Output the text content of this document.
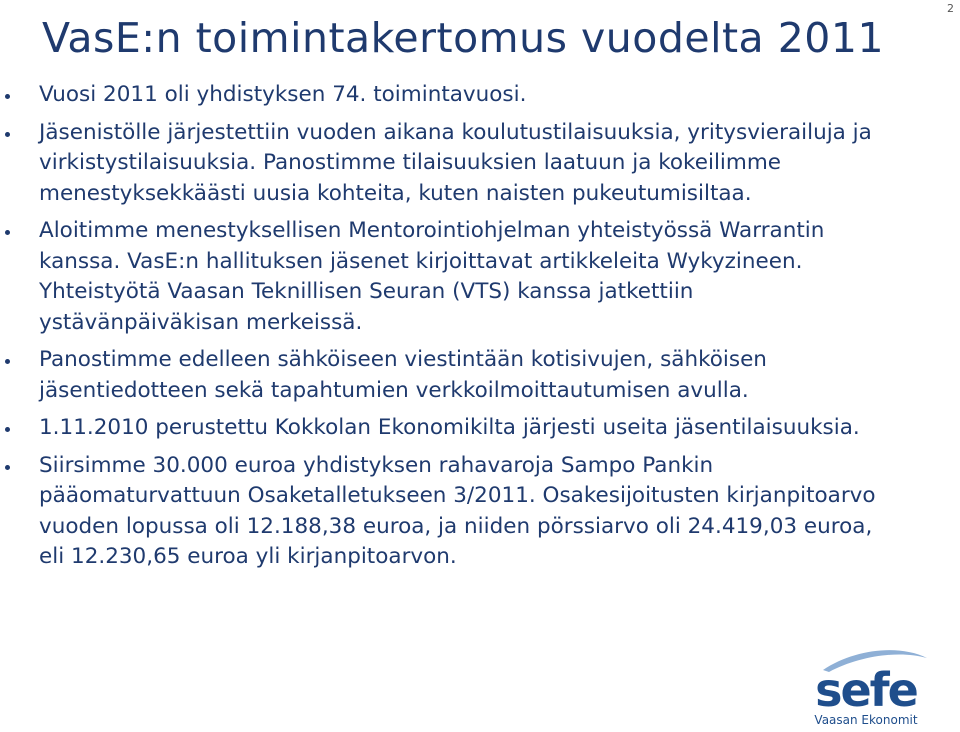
2
VasE:n toimintakertomus vuodelta 2011
Vuosi 2011 oli yhdistyksen 74. toimintavuosi.
Jäsenistölle järjestettiin vuoden aikana koulutustilaisuuksia, yritysvierailuja ja virkistystilaisuuksia. Panostimme tilaisuuksien laatuun ja kokeilimme menestyksekkäästi uusia kohteita, kuten naisten pukeutumisiltaa.
Aloitimme menestyksellisen Mentorointiohjelman yhteistyössä Warrantin kanssa. VasE:n hallituksen jäsenet kirjoittavat artikkeleita Wykyzineen. Yhteistyötä Vaasan Teknillisen Seuran (VTS) kanssa jatkettiin ystävänpäiväkisan merkeissä.
Panostimme edelleen sähköiseen viestintään kotisivujen, sähköisen jäsentiedotteen sekä tapahtumien verkkoilmoittautumisen avulla.
1.11.2010 perustettu Kokkolan Ekonomikilta järjesti useita jäsentilaisuuksia.
Siirsimme 30.000 euroa yhdistyksen rahavaroja Sampo Pankin pääomaturvattuun Osaketalletukseen 3/2011. Osakesijoitusten kirjanpitoarvo vuoden lopussa oli 12.188,38 euroa, ja niiden pörssiarvo oli 24.419,03 euroa, eli 12.230,65 euroa yli kirjanpitoarvon.
sefe
Vaasan Ekonomit
